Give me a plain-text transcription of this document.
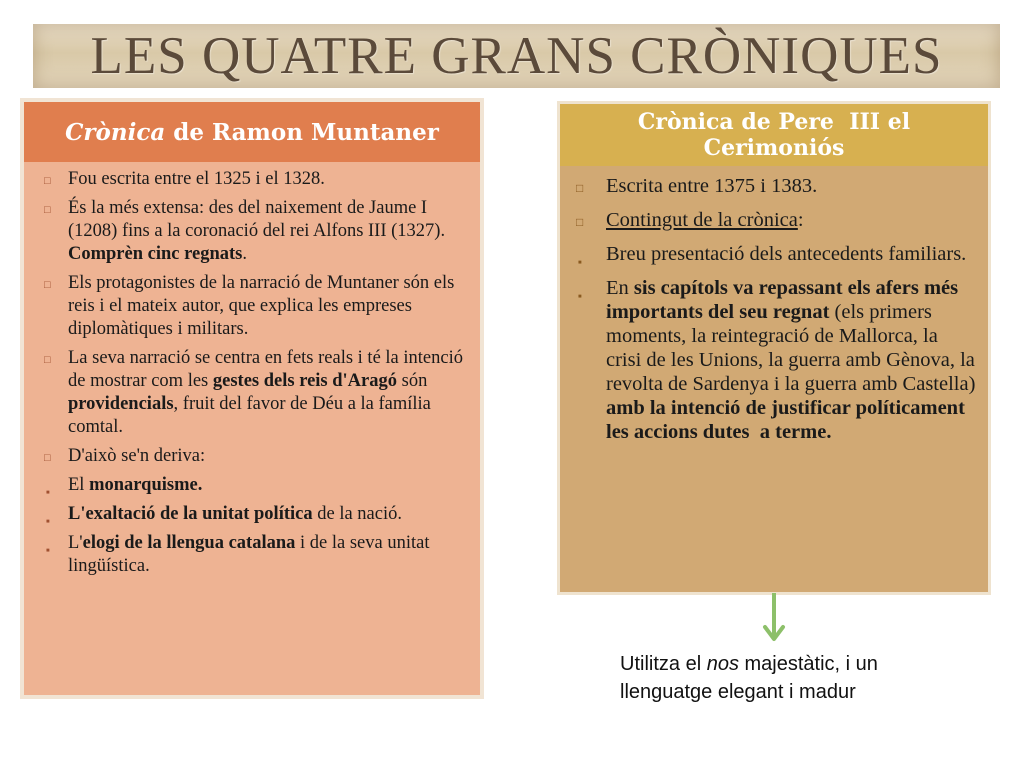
LES QUATRE GRANS CRÒNIQUES
Crònica de Ramon Muntaner
□ Fou escrita entre el 1325 i el 1328.
□ És la més extensa: des del naixement de Jaume I (1208) fins a la coronació del rei Alfons III (1327). Comprèn cinc regnats.
□ Els protagonistes de la narració de Muntaner són els reis i el mateix autor, que explica les empreses diplomàtiques i militars.
□ La seva narració se centra en fets reals i té la intenció de mostrar com les gestes dels reis d'Aragó són providencials, fruit del favor de Déu a la família comtal.
□ D'això se'n deriva:
■ El monarquisme.
■ L'exaltació de la unitat política de la nació.
■ L'elogi de la llengua catalana i de la seva unitat lingüística.
Crònica de Pere  III el Cerimoniós
□ Escrita entre 1375 i 1383.
□ Contingut de la crònica:
■ Breu presentació dels antecedents familiars.
■ En sis capítols va repassant els afers més importants del seu regnat (els primers moments, la reintegració de Mallorca, la crisi de les Unions, la guerra amb Gènova, la revolta de Sardenya i la guerra amb Castella)  amb la intenció de justificar políticament les accions dutes  a terme.
Utilitza el nos majestàtic, i un llenguatge elegant i madur
